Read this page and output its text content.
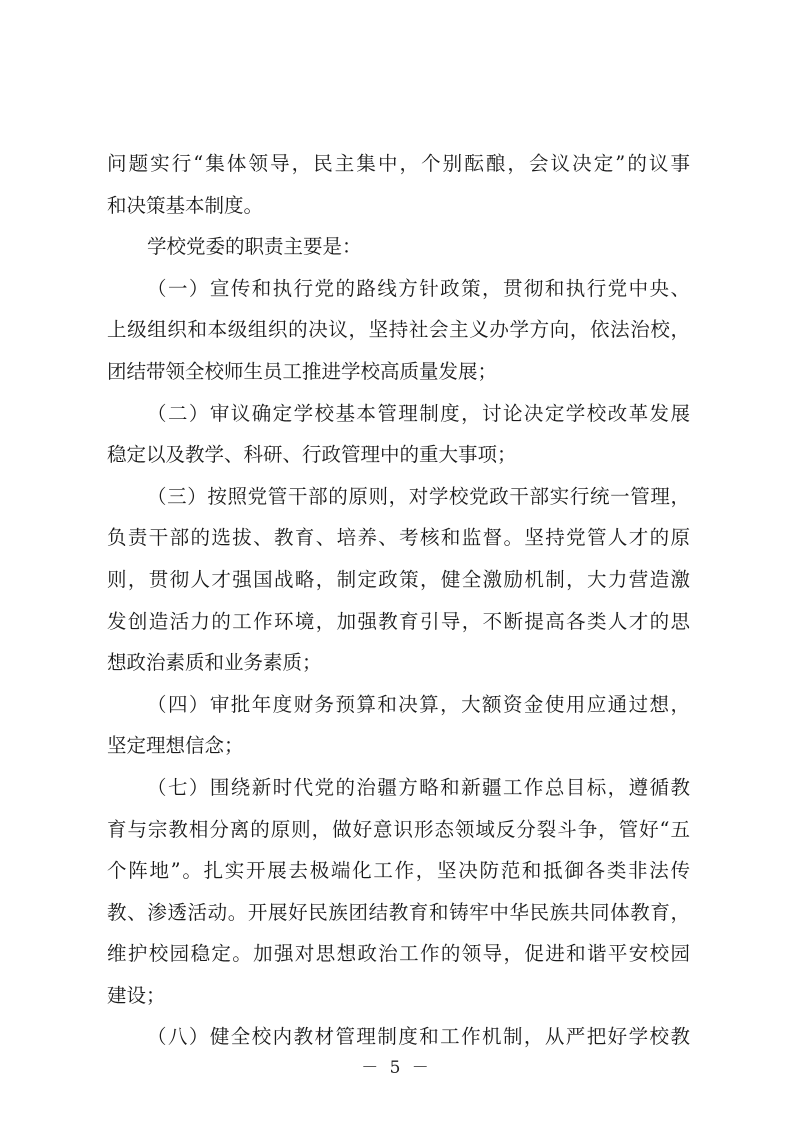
问题实行“集体领导，民主集中，个别酝酿，会议决定”的议事
和决策基本制度。
学校党委的职责主要是：
（一）宣传和执行党的路线方针政策，贯彻和执行党中央、
上级组织和本级组织的决议，坚持社会主义办学方向，依法治校，
团结带领全校师生员工推进学校高质量发展；
（二）审议确定学校基本管理制度，讨论决定学校改革发展
稳定以及教学、科研、行政管理中的重大事项；
（三）按照党管干部的原则，对学校党政干部实行统一管理，
负责干部的选拔、教育、培养、考核和监督。坚持党管人才的原
则，贯彻人才强国战略，制定政策，健全激励机制，大力营造激
发创造活力的工作环境，加强教育引导，不断提高各类人才的思
想政治素质和业务素质；
（四）审批年度财务预算和决算，大额资金使用应通过想，
坚定理想信念；
（七）围绕新时代党的治疆方略和新疆工作总目标，遵循教
育与宗教相分离的原则，做好意识形态领域反分裂斗争，管好“五
个阵地”。扎实开展去极端化工作，坚决防范和抵御各类非法传
教、渗透活动。开展好民族团结教育和铸牢中华民族共同体教育，
维护校园稳定。加强对思想政治工作的领导，促进和谐平安校园
建设；
（八）健全校内教材管理制度和工作机制，从严把好学校教
－ 5 －
